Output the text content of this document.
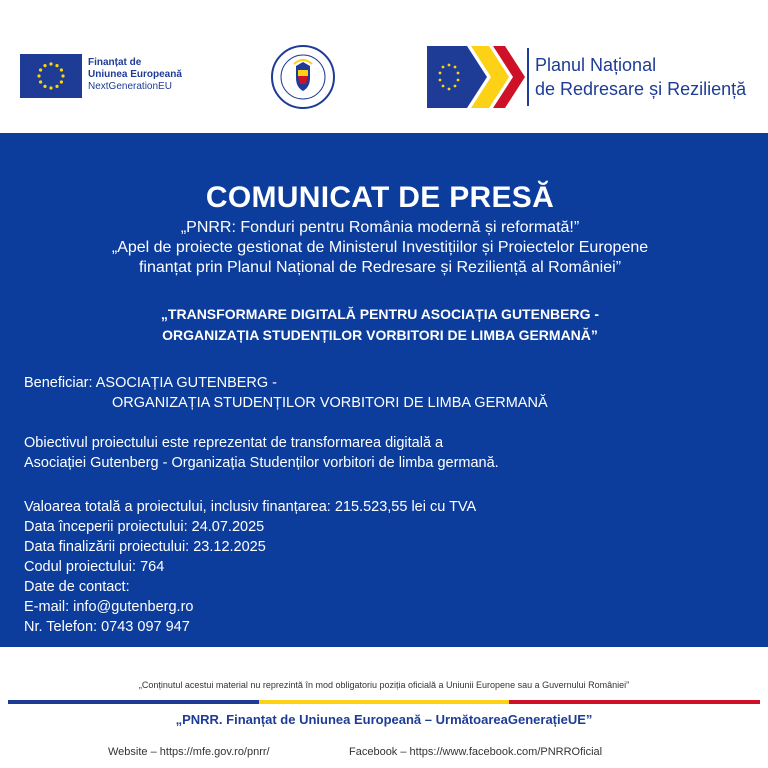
Finanțat de
Uniunea Europeană
NextGenerationEU
Planul Național
de Redresare și Reziliență
COMUNICAT DE PRESĂ
„PNRR: Fonduri pentru România modernă și reformată!”
„Apel de proiecte gestionat de Ministerul Investițiilor și Proiectelor Europene
finanțat prin Planul Național de Redresare și Reziliență al României”
„TRANSFORMARE DIGITALĂ PENTRU ASOCIAȚIA GUTENBERG -
ORGANIZAȚIA STUDENȚILOR VORBITORI DE LIMBA GERMANĂ”
Beneficiar: ASOCIAȚIA GUTENBERG -
ORGANIZAȚIA STUDENȚILOR VORBITORI DE LIMBA GERMANĂ
Obiectivul proiectului este reprezentat de transformarea digitală a
Asociației Gutenberg - Organizația Studenților vorbitori de limba germană.
Valoarea totală a proiectului, inclusiv finanțarea: 215.523,55 lei cu TVA
Data începerii proiectului: 24.07.2025
Data finalizării proiectului: 23.12.2025
Codul proiectului: 764
Date de contact:
E-mail: info@gutenberg.ro
Nr. Telefon: 0743 097 947
„Conținutul acestui material nu reprezintă în mod obligatoriu poziția oficială a Uniunii Europene sau a Guvernului României”
„PNRR. Finanțat de Uniunea Europeană – UrmătoareaGenerațieUE”
Website – https://mfe.gov.ro/pnrr/	Facebook – https://www.facebook.com/PNRROficial
